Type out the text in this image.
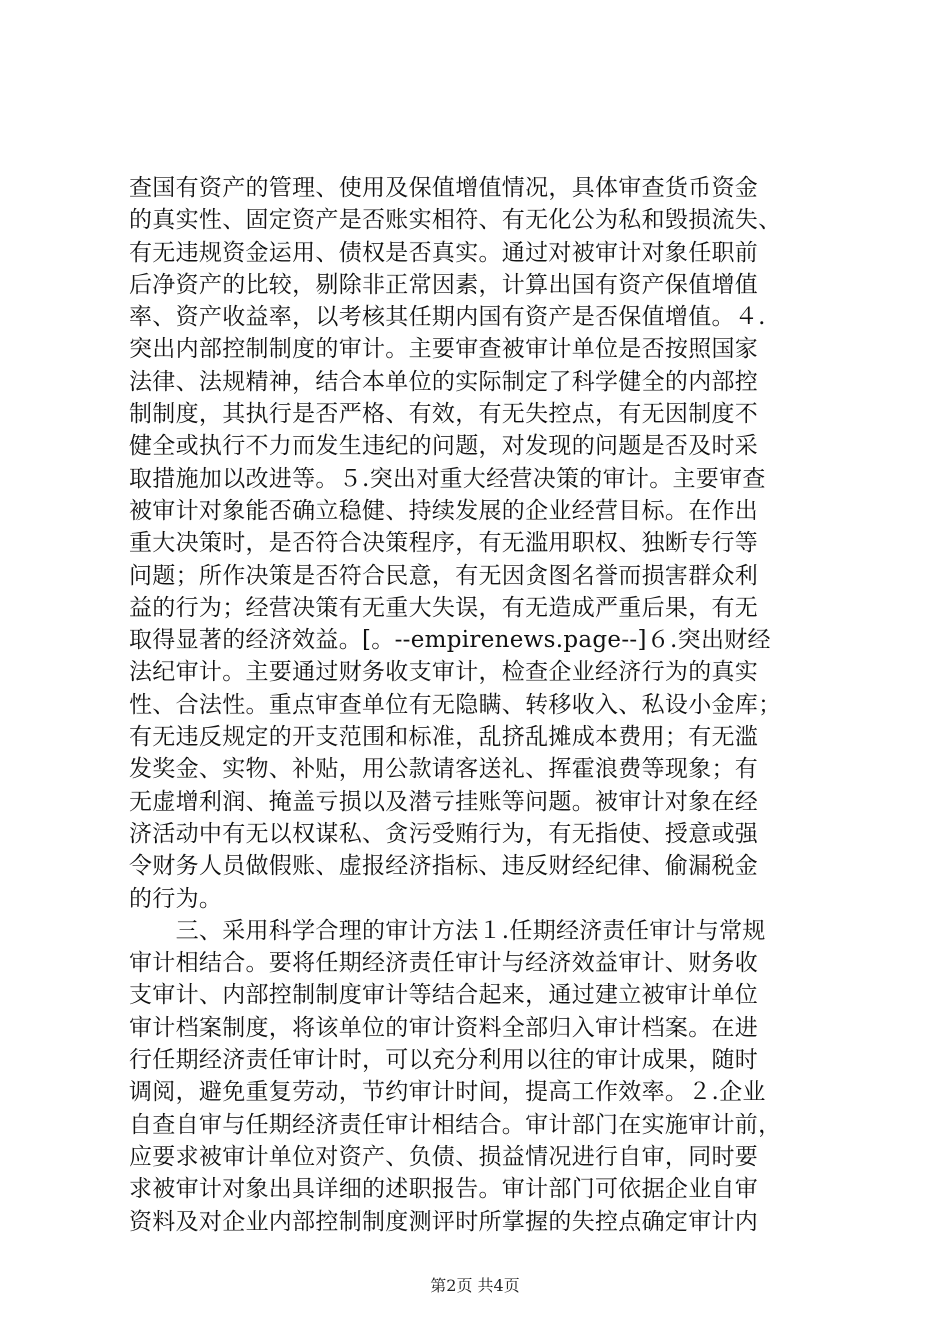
查国有资产的管理、使用及保值增值情况，具体审查货币资金
的真实性、固定资产是否账实相符、有无化公为私和毁损流失、
有无违规资金运用、债权是否真实。通过对被审计对象任职前
后净资产的比较，剔除非正常因素，计算出国有资产保值增值
率、资产收益率，以考核其任期内国有资产是否保值增值。４.
突出内部控制制度的审计。主要审查被审计单位是否按照国家
法律、法规精神，结合本单位的实际制定了科学健全的内部控
制制度，其执行是否严格、有效，有无失控点，有无因制度不
健全或执行不力而发生违纪的问题，对发现的问题是否及时采
取措施加以改进等。５.突出对重大经营决策的审计。主要审查
被审计对象能否确立稳健、持续发展的企业经营目标。在作出
重大决策时，是否符合决策程序，有无滥用职权、独断专行等
问题；所作决策是否符合民意，有无因贪图名誉而损害群众利
益的行为；经营决策有无重大失误，有无造成严重后果，有无
取得显著的经济效益。[。--empirenews.page--]６.突出财经
法纪审计。主要通过财务收支审计，检查企业经济行为的真实
性、合法性。重点审查单位有无隐瞒、转移收入、私设小金库；
有无违反规定的开支范围和标准，乱挤乱摊成本费用；有无滥
发奖金、实物、补贴，用公款请客送礼、挥霍浪费等现象；有
无虚增利润、掩盖亏损以及潜亏挂账等问题。被审计对象在经
济活动中有无以权谋私、贪污受贿行为，有无指使、授意或强
令财务人员做假账、虚报经济指标、违反财经纪律、偷漏税金
的行为。
　　三、采用科学合理的审计方法１.任期经济责任审计与常规
审计相结合。要将任期经济责任审计与经济效益审计、财务收
支审计、内部控制制度审计等结合起来，通过建立被审计单位
审计档案制度，将该单位的审计资料全部归入审计档案。在进
行任期经济责任审计时，可以充分利用以往的审计成果，随时
调阅，避免重复劳动，节约审计时间，提高工作效率。２.企业
自查自审与任期经济责任审计相结合。审计部门在实施审计前，
应要求被审计单位对资产、负债、损益情况进行自审，同时要
求被审计对象出具详细的述职报告。审计部门可依据企业自审
资料及对企业内部控制制度测评时所掌握的失控点确定审计内
第2页 共4页
